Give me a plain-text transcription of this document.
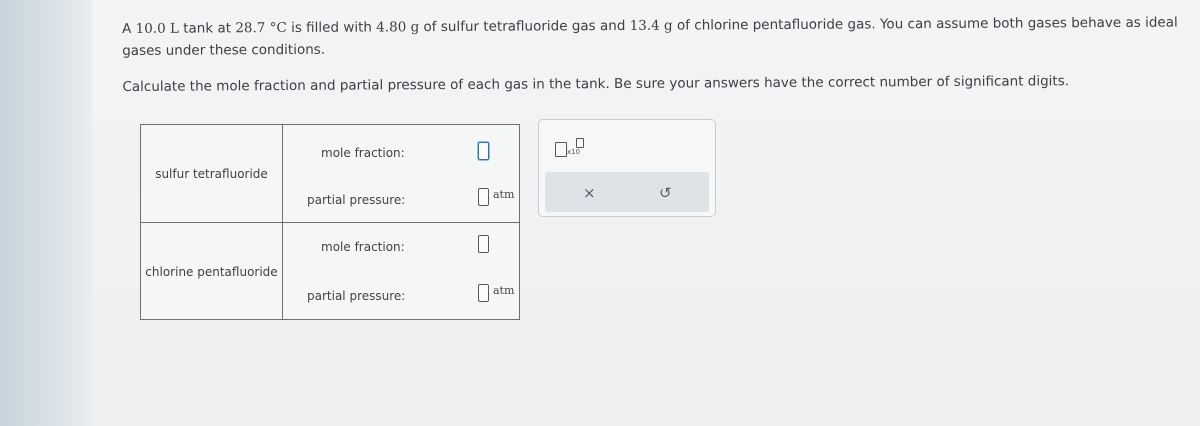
A 10.0 L tank at 28.7 °C is filled with 4.80 g of sulfur tetrafluoride gas and 13.4 g of chlorine pentafluoride gas. You can assume both gases behave as ideal gases under these conditions.

Calculate the mole fraction and partial pressure of each gas in the tank. Be sure your answers have the correct number of significant digits.

sulfur tetrafluoride
mole fraction:
partial pressure:	atm
chlorine pentafluoride
mole fraction:
partial pressure:	atm
x10
×	↺
